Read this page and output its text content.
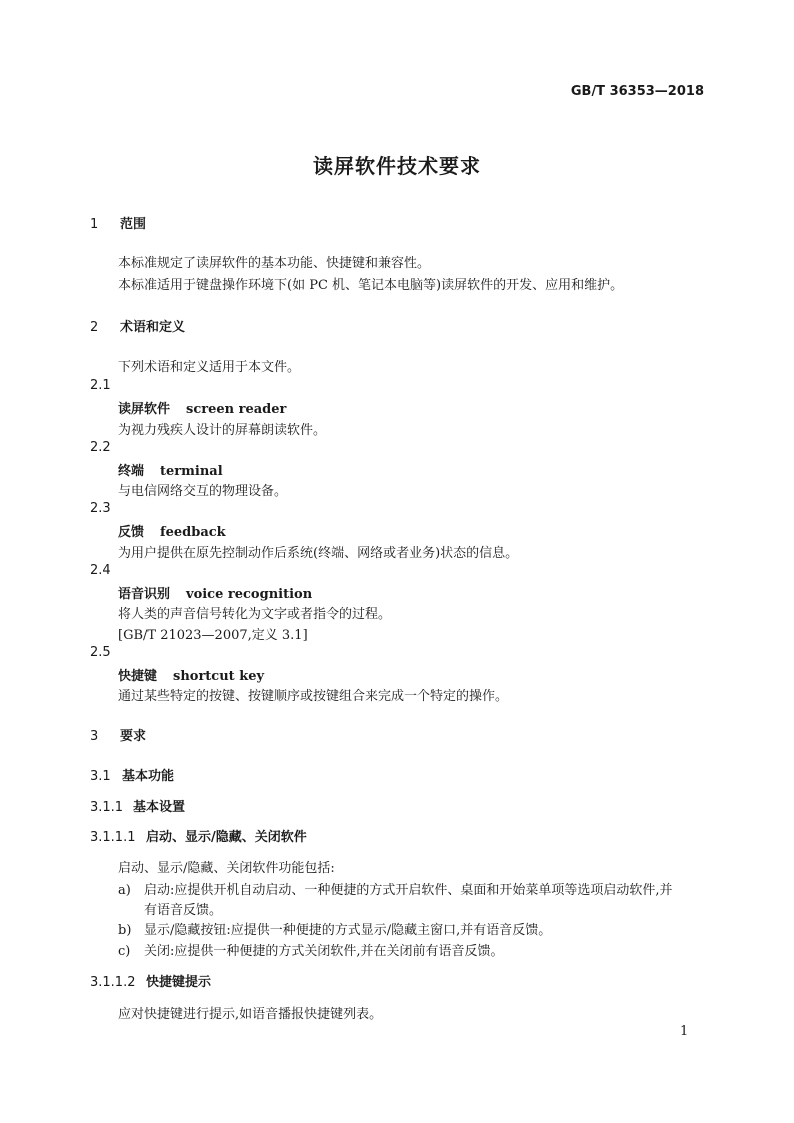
GB/T 36353—2018
读屏软件技术要求
1 范围
本标准规定了读屏软件的基本功能、快捷键和兼容性。
本标准适用于键盘操作环境下(如 PC 机、笔记本电脑等)读屏软件的开发、应用和维护。
2 术语和定义
下列术语和定义适用于本文件。
2.1
读屏软件 screen reader
为视力残疾人设计的屏幕朗读软件。
2.2
终端 terminal
与电信网络交互的物理设备。
2.3
反馈 feedback
为用户提供在原先控制动作后系统(终端、网络或者业务)状态的信息。
2.4
语音识别 voice recognition
将人类的声音信号转化为文字或者指令的过程。
[GB/T 21023—2007,定义 3.1]
2.5
快捷键 shortcut key
通过某些特定的按键、按键顺序或按键组合来完成一个特定的操作。
3 要求
3.1 基本功能
3.1.1 基本设置
3.1.1.1 启动、显示/隐藏、关闭软件
启动、显示/隐藏、关闭软件功能包括:
a) 启动:应提供开机自动启动、一种便捷的方式开启软件、桌面和开始菜单项等选项启动软件,并
有语音反馈。
b) 显示/隐藏按钮:应提供一种便捷的方式显示/隐藏主窗口,并有语音反馈。
c) 关闭:应提供一种便捷的方式关闭软件,并在关闭前有语音反馈。
3.1.1.2 快捷键提示
应对快捷键进行提示,如语音播报快捷键列表。
1
